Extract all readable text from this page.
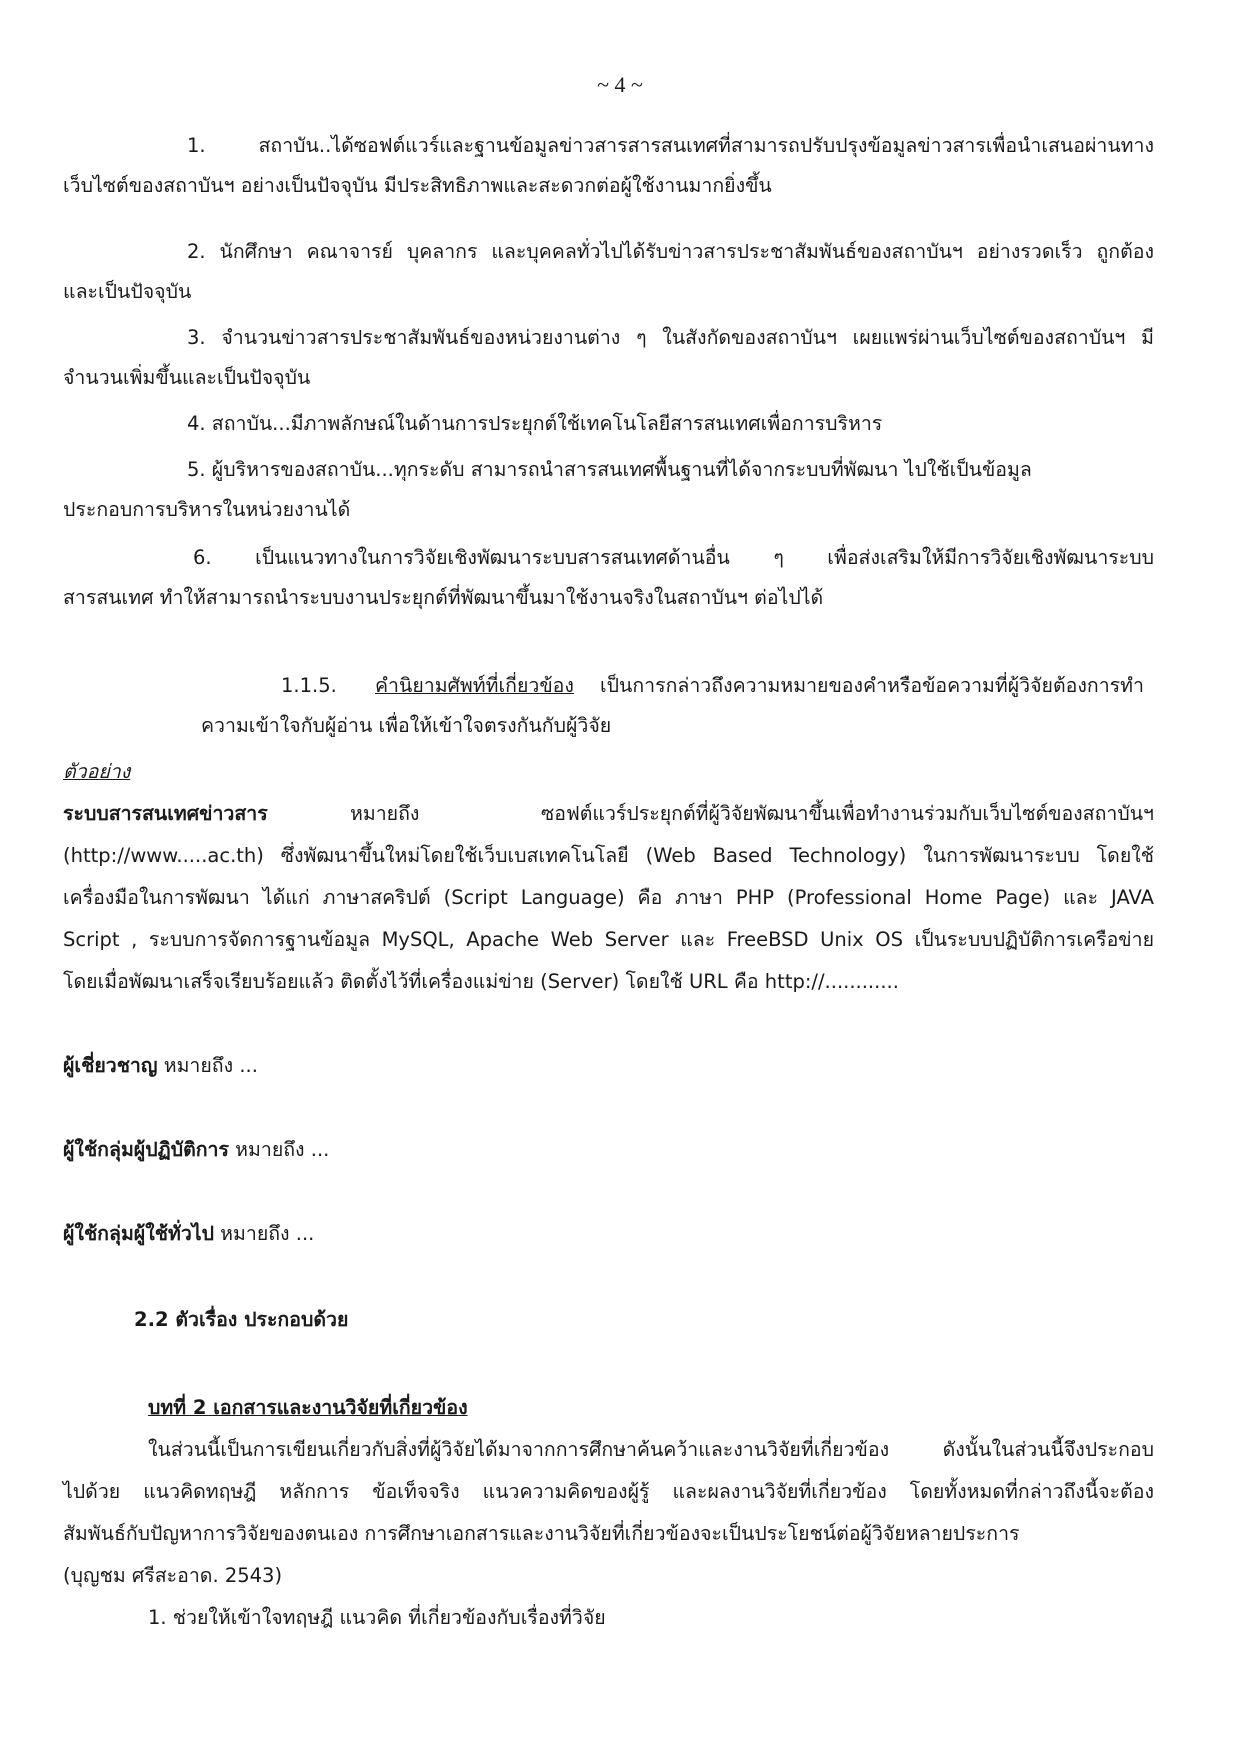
~ 4 ~
1. สถาบัน..ได้ซอฟต์แวร์และฐานข้อมูลข่าวสารสารสนเทศที่สามารถปรับปรุงข้อมูลข่าวสารเพื่อนำเสนอผ่านทาง
เว็บไซต์ของสถาบันฯ อย่างเป็นปัจจุบัน มีประสิทธิภาพและสะดวกต่อผู้ใช้งานมากยิ่งขึ้น
2. นักศึกษา คณาจารย์ บุคลากร และบุคคลทั่วไปได้รับข่าวสารประชาสัมพันธ์ของสถาบันฯ อย่างรวดเร็ว ถูกต้อง
และเป็นปัจจุบัน
3. จำนวนข่าวสารประชาสัมพันธ์ของหน่วยงานต่าง ๆ ในสังกัดของสถาบันฯ เผยแพร่ผ่านเว็บไซต์ของสถาบันฯ มี
จำนวนเพิ่มขึ้นและเป็นปัจจุบัน
4. สถาบัน...มีภาพลักษณ์ในด้านการประยุกต์ใช้เทคโนโลยีสารสนเทศเพื่อการบริหาร
5. ผู้บริหารของสถาบัน...ทุกระดับ สามารถนำสารสนเทศพื้นฐานที่ได้จากระบบที่พัฒนา ไปใช้เป็นข้อมูล
ประกอบการบริหารในหน่วยงานได้
6. เป็นแนวทางในการวิจัยเชิงพัฒนาระบบสารสนเทศด้านอื่น ๆ เพื่อส่งเสริมให้มีการวิจัยเชิงพัฒนาระบบ
สารสนเทศ ทำให้สามารถนำระบบงานประยุกต์ที่พัฒนาขึ้นมาใช้งานจริงในสถาบันฯ ต่อไปได้
1.1.5. คำนิยามศัพท์ที่เกี่ยวข้อง เป็นการกล่าวถึงความหมายของคำหรือข้อความที่ผู้วิจัยต้องการทำ
ความเข้าใจกับผู้อ่าน เพื่อให้เข้าใจตรงกันกับผู้วิจัย
ตัวอย่าง
ระบบสารสนเทศข่าวสาร	หมายถึง ซอฟต์แวร์ประยุกต์ที่ผู้วิจัยพัฒนาขึ้นเพื่อทำงานร่วมกับเว็บไซต์ของสถาบันฯ
(http://www.....ac.th) ซึ่งพัฒนาขึ้นใหม่โดยใช้เว็บเบสเทคโนโลยี (Web Based Technology) ในการพัฒนาระบบ โดยใช้
เครื่องมือในการพัฒนา ได้แก่ ภาษาสคริปต์ (Script Language) คือ ภาษา PHP (Professional Home Page) และ JAVA
Script , ระบบการจัดการฐานข้อมูล MySQL, Apache Web Server และ FreeBSD Unix OS เป็นระบบปฏิบัติการเครือข่าย
โดยเมื่อพัฒนาเสร็จเรียบร้อยแล้ว ติดตั้งไว้ที่เครื่องแม่ข่าย (Server) โดยใช้ URL คือ http://............
ผู้เชี่ยวชาญ หมายถึง ...
ผู้ใช้กลุ่มผู้ปฏิบัติการ หมายถึง ...
ผู้ใช้กลุ่มผู้ใช้ทั่วไป หมายถึง ...
2.2 ตัวเรื่อง ประกอบด้วย
บทที่ 2 เอกสารและงานวิจัยที่เกี่ยวข้อง
ในส่วนนี้เป็นการเขียนเกี่ยวกับสิ่งที่ผู้วิจัยได้มาจากการศึกษาค้นคว้าและงานวิจัยที่เกี่ยวข้อง ดังนั้นในส่วนนี้จึงประกอบ
ไปด้วย แนวคิดทฤษฎี หลักการ ข้อเท็จจริง แนวความคิดของผู้รู้ และผลงานวิจัยที่เกี่ยวข้อง โดยทั้งหมดที่กล่าวถึงนี้จะต้อง
สัมพันธ์กับปัญหาการวิจัยของตนเอง การศึกษาเอกสารและงานวิจัยที่เกี่ยวข้องจะเป็นประโยชน์ต่อผู้วิจัยหลายประการ
(บุญชม ศรีสะอาด. 2543)
1. ช่วยให้เข้าใจทฤษฎี แนวคิด ที่เกี่ยวข้องกับเรื่องที่วิจัย
